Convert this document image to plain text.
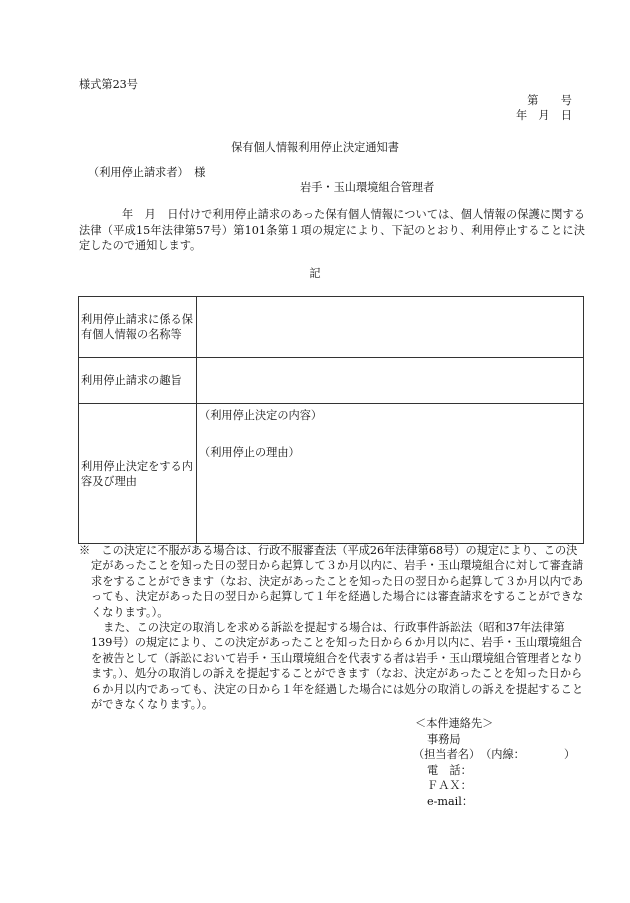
様式第23号
第　　号
年　月　日
保有個人情報利用停止決定通知書
（利用停止請求者）　様
岩手・玉山環境組合管理者
年　月　日付けで利用停止請求のあった保有個人情報については、個人情報の保護に関する法律（平成15年法律第57号）第101条第１項の規定により、下記のとおり、利用停止することに決定したので通知します。
記
利用停止請求に係る保有個人情報の名称等	
利用停止請求の趣旨	
利用停止決定をする内容及び理由	（利用停止決定の内容）
（利用停止の理由）
※　この決定に不服がある場合は、行政不服審査法（平成26年法律第68号）の規定により、この決定があったことを知った日の翌日から起算して３か月以内に、岩手・玉山環境組合に対して審査請求をすることができます（なお、決定があったことを知った日の翌日から起算して３か月以内であっても、決定があった日の翌日から起算して１年を経過した場合には審査請求をすることができなくなります。）。
また、この決定の取消しを求める訴訟を提起する場合は、行政事件訴訟法（昭和37年法律第139号）の規定により、この決定があったことを知った日から６か月以内に、岩手・玉山環境組合を被告として（訴訟において岩手・玉山環境組合を代表する者は岩手・玉山環境組合管理者となります。）、処分の取消しの訴えを提起することができます（なお、決定があったことを知った日から６か月以内であっても、決定の日から１年を経過した場合には処分の取消しの訴えを提起することができなくなります。）。
＜本件連絡先＞
事務局
（担当者名）　（内線：　　　　）
電　話：
ＦＡＸ：
e-mail：
